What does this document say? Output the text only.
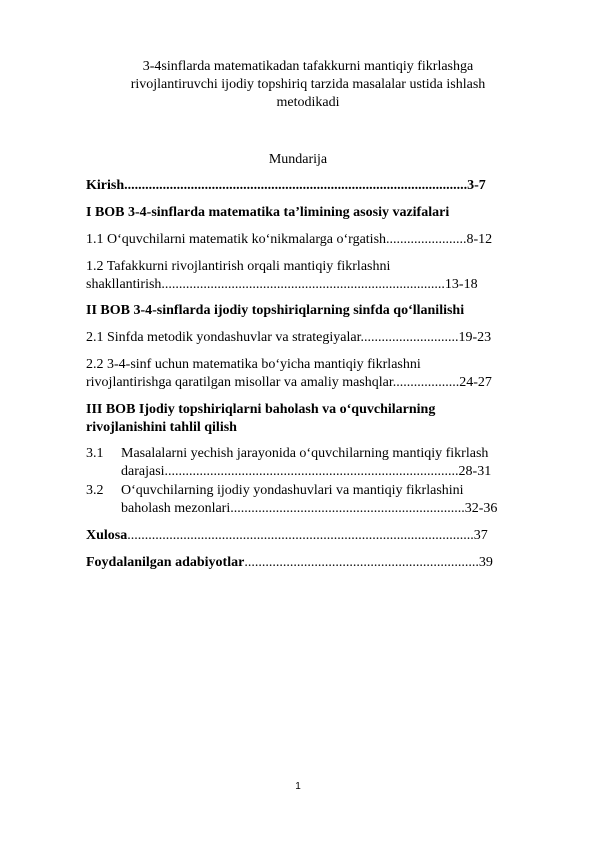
3-4sinflarda matematikadan tafakkurni mantiqiy fikrlashga
rivojlantiruvchi ijodiy topshiriq tarzida masalalar ustida ishlash
metodikadi
Mundarija
Kirish..................................................................................................3-7
I BOB 3-4-sinflarda matematika ta’limining asosiy vazifalari
1.1 O‘quvchilarni matematik ko‘nikmalarga o‘rgatish.......................8-12
1.2 Tafakkurni rivojlantirish orqali mantiqiy fikrlashni
shakllantirish.................................................................................13-18
II BOB 3-4-sinflarda ijodiy topshiriqlarning sinfda qo‘llanilishi
2.1 Sinfda metodik yondashuvlar va strategiyalar............................19-23
2.2 3-4-sinf uchun matematika bo‘yicha mantiqiy fikrlashni
rivojlantirishga qaratilgan misollar va amaliy mashqlar...................24-27
III BOB Ijodiy topshiriqlarni baholash va o‘quvchilarning
rivojlanishini tahlil qilish
3.1 Masalalarni yechish jarayonida o‘quvchilarning mantiqiy fikrlash
darajasi....................................................................................28-31
3.2 O‘quvchilarning ijodiy yondashuvlari va mantiqiy fikrlashini
baholash mezonlari...................................................................32-36
Xulosa...................................................................................................37
Foydalanilgan adabiyotlar...................................................................39
1
